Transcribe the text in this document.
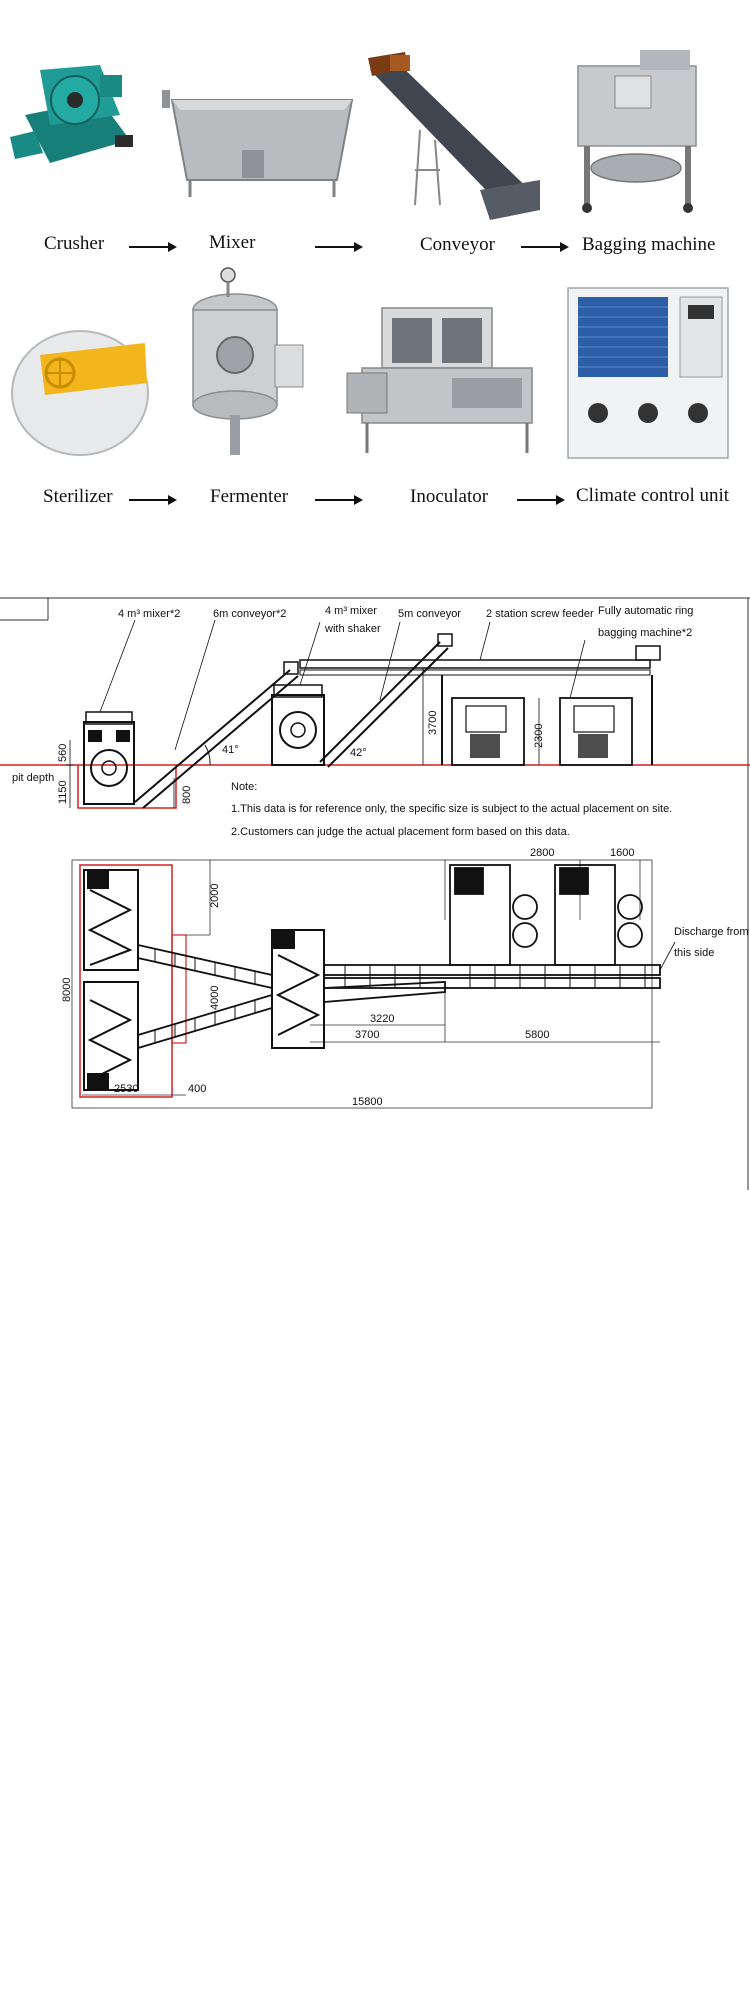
Crusher	Mixer	Conveyor	Bagging machine
Sterilizer	Fermenter	Inoculator	Climate control unit
4 m³ mixer*2	6m conveyor*2	4 m³ mixer
with shaker
5m conveyor 2 station screw feeder Fully automatic ring
bagging machine*2
pit depth
560
1150	800
3700
2300
41°	42°
Note:
1.This data is for reference only, the specific size is subject to the actual placement on site.
2.Customers can judge the actual placement form based on this data.
2800	1600
2000
4000
8000
3220
3700	5800
2530	400
15800
Discharge from
this side
